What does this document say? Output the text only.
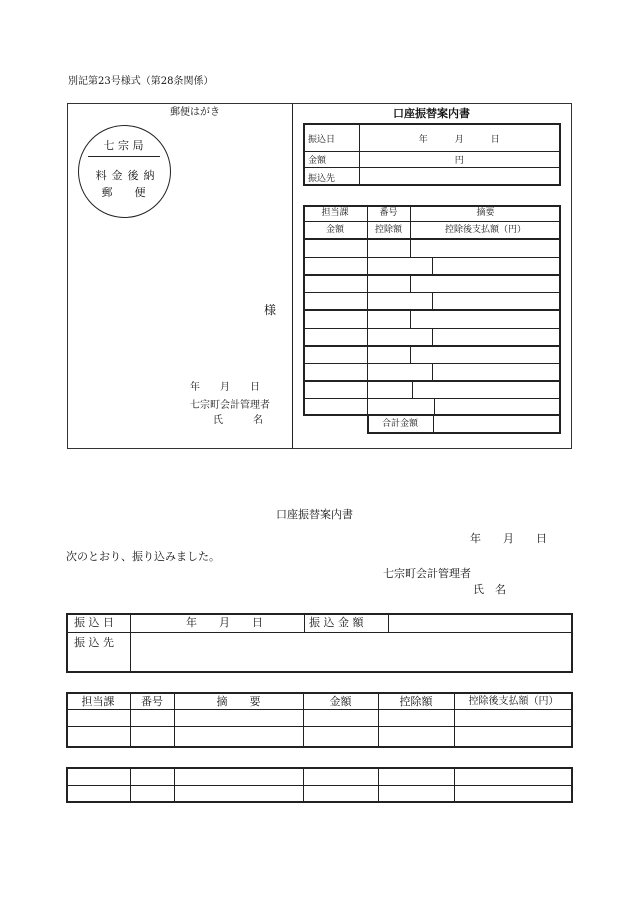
別記第23号様式（第28条関係）
郵便はがき
七 宗 局
料金後納
郵　　便
様
年　　月　　日
七宗町会計管理者
氏　　　名
口座振替案内書
振込日	年　　　月　　　日
金額	円
振込先	
担当課	番号	摘要
金額	控除額	控除後支払額（円）
合計金額
口座振替案内書
年　　月　　日
次のとおり、振り込みました。
七宗町会計管理者
氏　名
振 込 日	年　　月　　日	振 込 金 額
振 込 先
担当課	番号	摘　　要	金額	控除額	控除後支払額（円）
